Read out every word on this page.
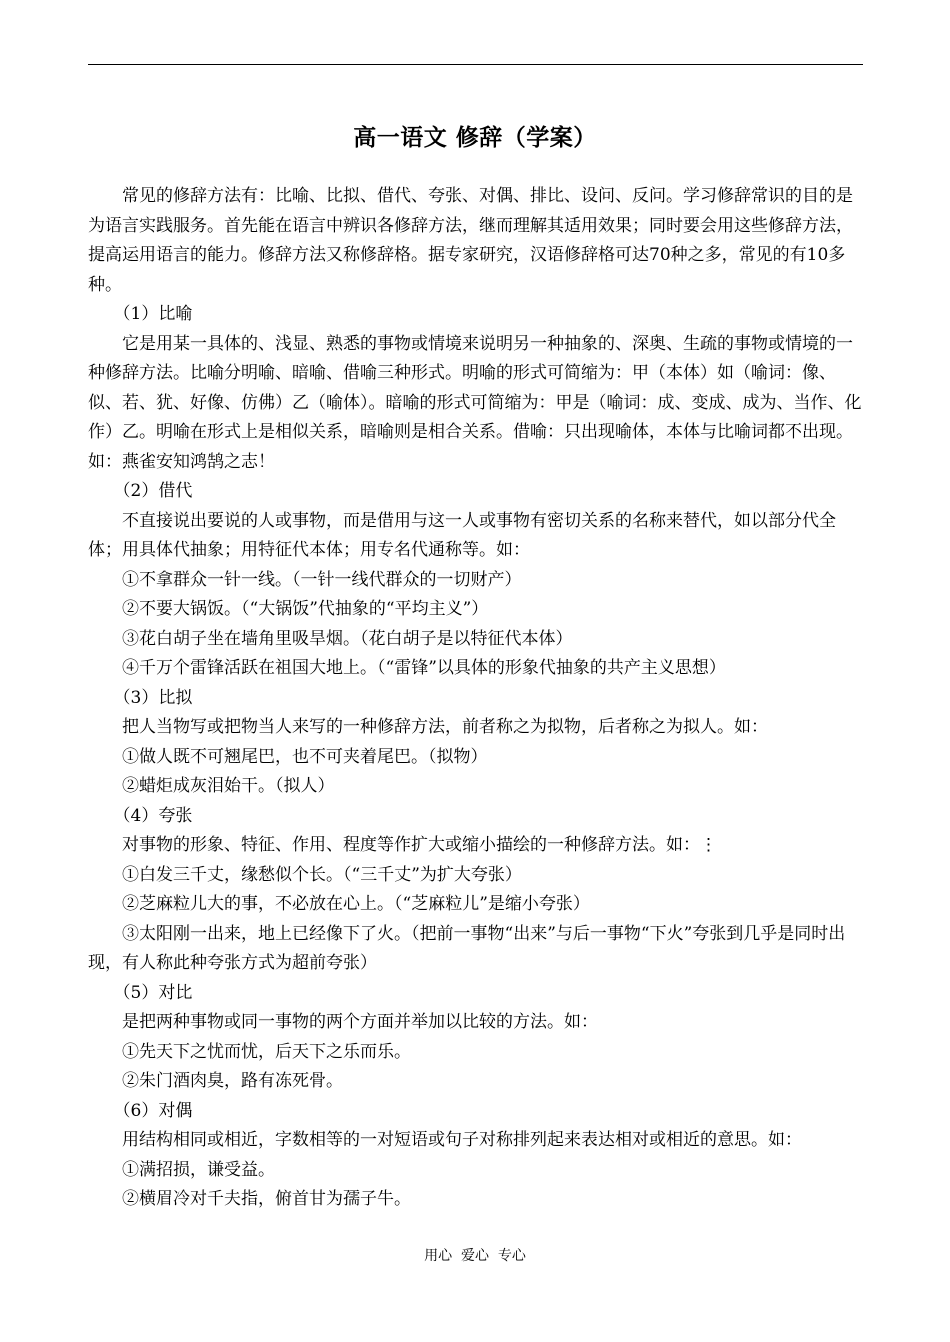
高一语文 修辞（学案）

常见的修辞方法有：比喻、比拟、借代、夸张、对偶、排比、设问、反问。学习修辞常识的目的是为语言实践服务。首先能在语言中辨识各修辞方法，继而理解其适用效果；同时要会用这些修辞方法，提高运用语言的能力。修辞方法又称修辞格。据专家研究，汉语修辞格可达70种之多，常见的有10多种。

（1）比喻

它是用某一具体的、浅显、熟悉的事物或情境来说明另一种抽象的、深奥、生疏的事物或情境的一种修辞方法。比喻分明喻、暗喻、借喻三种形式。明喻的形式可简缩为：甲（本体）如（喻词：像、似、若、犹、好像、仿佛）乙（喻体）。暗喻的形式可简缩为：甲是（喻词：成、变成、成为、当作、化作）乙。明喻在形式上是相似关系，暗喻则是相合关系。借喻：只出现喻体，本体与比喻词都不出现。如：燕雀安知鸿鹄之志！

（2）借代

不直接说出要说的人或事物，而是借用与这一人或事物有密切关系的名称来替代，如以部分代全体；用具体代抽象；用特征代本体；用专名代通称等。如：

①不拿群众一针一线。（一针一线代群众的一切财产）

②不要大锅饭。（“大锅饭”代抽象的“平均主义”）

③花白胡子坐在墙角里吸旱烟。（花白胡子是以特征代本体）

④千万个雷锋活跃在祖国大地上。（“雷锋”以具体的形象代抽象的共产主义思想）

（3）比拟

把人当物写或把物当人来写的一种修辞方法，前者称之为拟物，后者称之为拟人。如：

①做人既不可翘尾巴，也不可夹着尾巴。（拟物）

②蜡炬成灰泪始干。（拟人）

（4）夸张

对事物的形象、特征、作用、程度等作扩大或缩小描绘的一种修辞方法。如：⋮

①白发三千丈，缘愁似个长。（“三千丈”为扩大夸张）

②芝麻粒儿大的事，不必放在心上。（“芝麻粒儿”是缩小夸张）

③太阳刚一出来，地上已经像下了火。（把前一事物“出来”与后一事物“下火”夸张到几乎是同时出现，有人称此种夸张方式为超前夸张）

（5）对比

是把两种事物或同一事物的两个方面并举加以比较的方法。如：

①先天下之忧而忧，后天下之乐而乐。

②朱门酒肉臭，路有冻死骨。

（6）对偶

用结构相同或相近，字数相等的一对短语或句子对称排列起来表达相对或相近的意思。如：

①满招损，谦受益。

②横眉冷对千夫指，俯首甘为孺子牛。

用心  爱心  专心
